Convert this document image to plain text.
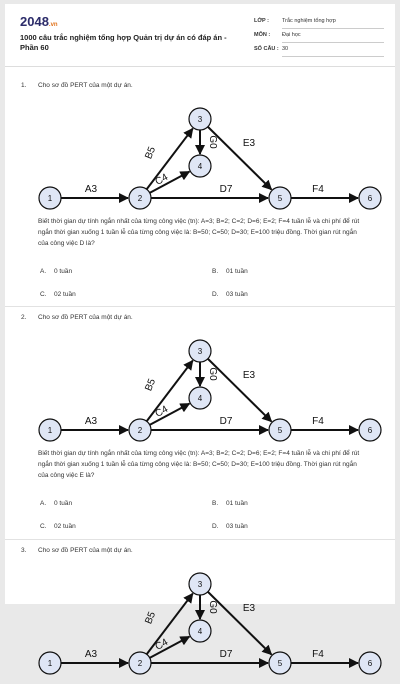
2048.vn
1000 câu trắc nghiệm tổng hợp Quản trị dự án có đáp án - Phần 60
LỚP : Trắc nghiệm tổng hợp
MÔN : Đại học
SỐ CÂU : 30
1. Cho sơ đồ PERT của một dự án.
A3
B5
C4
D7
E3
F4
G0
1	2
3
4
5	6
Biết thời gian dự tính ngắn nhất của từng công việc (tn): A=3; B=2; C=2; D=6; E=2; F=4 tuần lễ và chi phí để rút ngắn thời gian xuống 1 tuần lễ của từng công việc là: B=50; C=50; D=30; E=100 triệu đồng. Thời gian rút ngắn của công việc D là?
A. 0 tuần	B. 01 tuần
C. 02 tuần	D. 03 tuần
2. Cho sơ đồ PERT của một dự án.
A3
B5
C4
D7
E3
F4
G0
1	2
3
4
5	6
Biết thời gian dự tính ngắn nhất của từng công việc (tn): A=3; B=2; C=2; D=6; E=2; F=4 tuần lễ và chi phí để rút ngắn thời gian xuống 1 tuần lễ của từng công việc là: B=50; C=50; D=30; E=100 triệu đồng. Thời gian rút ngắn của công việc E là?
A. 0 tuần	B. 01 tuần
C. 02 tuần	D. 03 tuần
3. Cho sơ đồ PERT của một dự án.
A3
B5
C4
D7
E3
F4
G0
1	2
3
4
5	6
